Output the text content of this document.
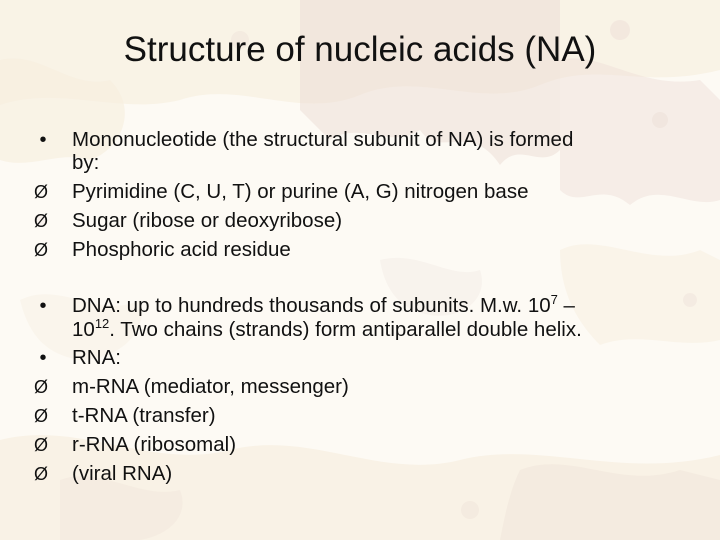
Structure of nucleic acids (NA)
•	Mononucleotide (the structural subunit of NA) is formed
by:
Ø	Pyrimidine (C, U, T) or purine (A, G) nitrogen base
Ø	Sugar (ribose or deoxyribose)
Ø	Phosphoric acid residue
•	DNA: up to hundreds thousands of subunits. M.w. $10^7$ –
$10^{12}$. Two chains (strands) form antiparallel double helix.
•	RNA:
Ø	m-RNA (mediator, messenger)
Ø	t-RNA (transfer)
Ø	r-RNA (ribosomal)
Ø	(viral RNA)
